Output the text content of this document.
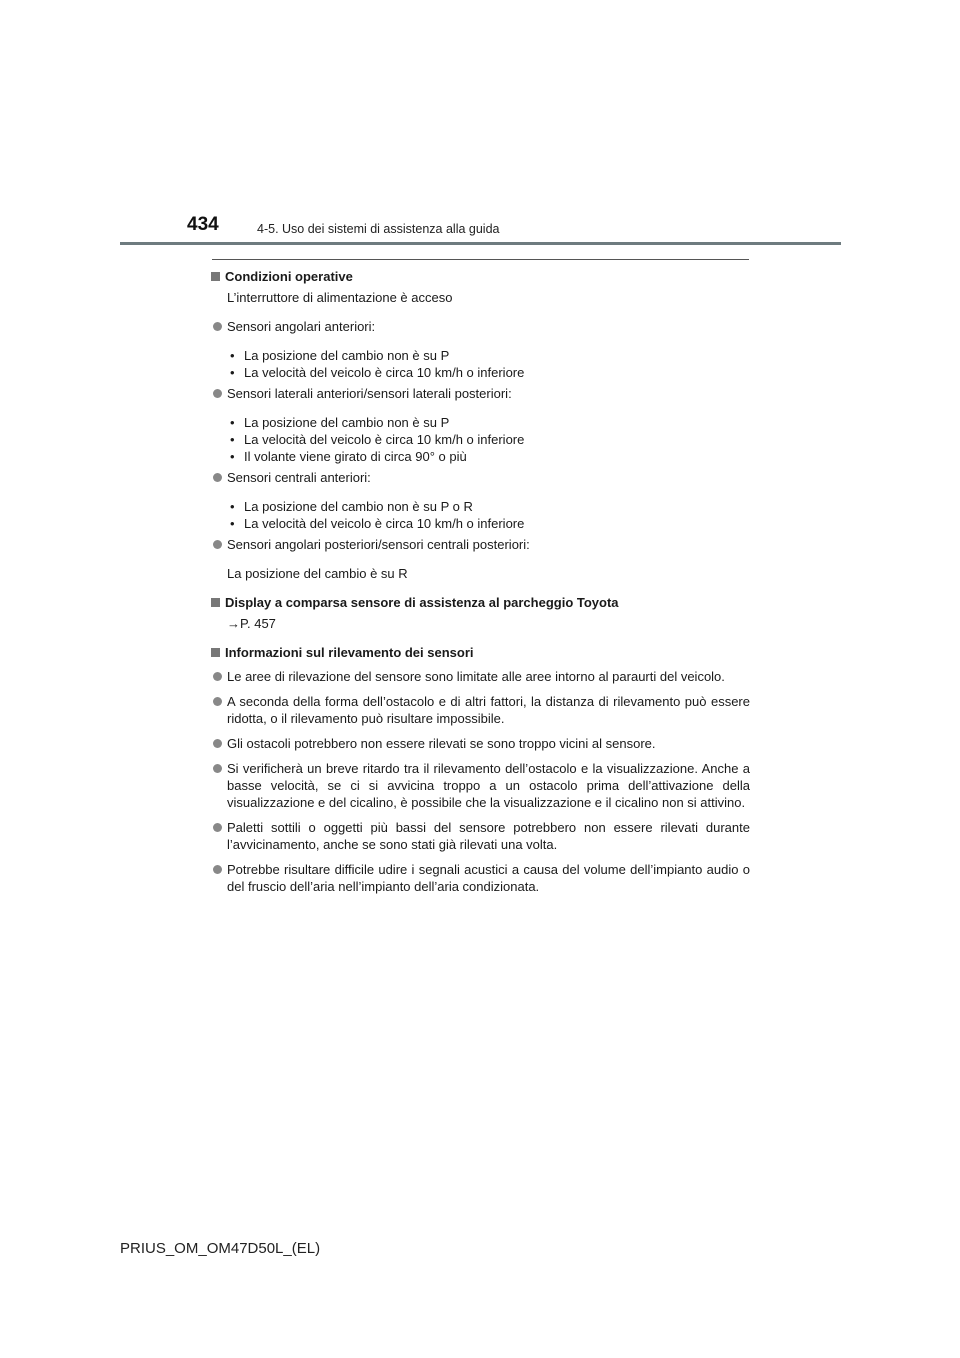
434	4-5. Uso dei sistemi di assistenza alla guida
Condizioni operative
L’interruttore di alimentazione è acceso
Sensori angolari anteriori:
• La posizione del cambio non è su P
• La velocità del veicolo è circa 10 km/h o inferiore
Sensori laterali anteriori/sensori laterali posteriori:
• La posizione del cambio non è su P
• La velocità del veicolo è circa 10 km/h o inferiore
• Il volante viene girato di circa 90° o più
Sensori centrali anteriori:
• La posizione del cambio non è su P o R
• La velocità del veicolo è circa 10 km/h o inferiore
Sensori angolari posteriori/sensori centrali posteriori:
La posizione del cambio è su R
Display a comparsa sensore di assistenza al parcheggio Toyota
→P. 457
Informazioni sul rilevamento dei sensori
Le aree di rilevazione del sensore sono limitate alle aree intorno al paraurti del veicolo.
A seconda della forma dell’ostacolo e di altri fattori, la distanza di rilevamento può essere ridotta, o il rilevamento può risultare impossibile.
Gli ostacoli potrebbero non essere rilevati se sono troppo vicini al sensore.
Si verificherà un breve ritardo tra il rilevamento dell’ostacolo e la visualizzazione. Anche a basse velocità, se ci si avvicina troppo a un ostacolo prima dell’attivazione della visualizzazione e del cicalino, è possibile che la visualizzazione e il cicalino non si attivino.
Paletti sottili o oggetti più bassi del sensore potrebbero non essere rilevati durante l’avvicinamento, anche se sono stati già rilevati una volta.
Potrebbe risultare difficile udire i segnali acustici a causa del volume dell’impianto audio o del fruscio dell’aria nell’impianto dell’aria condizionata.
PRIUS_OM_OM47D50L_(EL)
